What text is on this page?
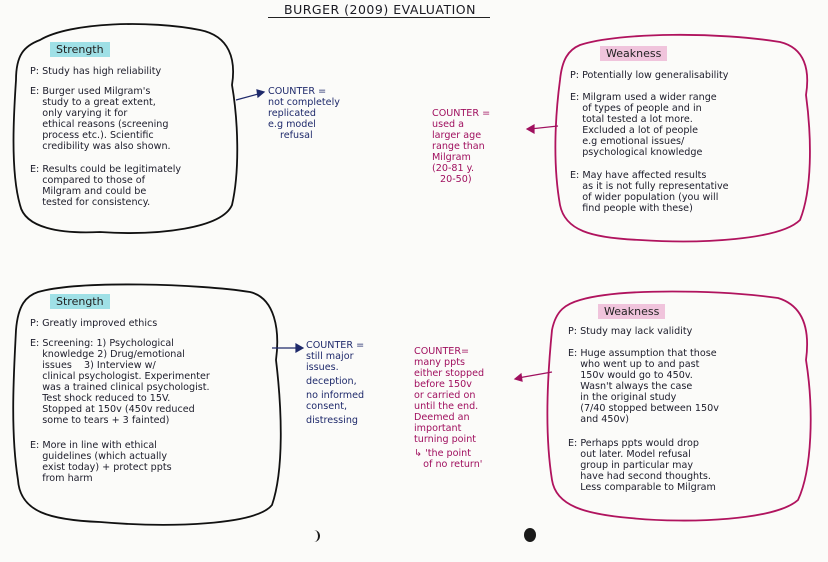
BURGER (2009) EVALUATION
Strength
P: Study has high reliability
E: Burger used Milgram's
study to a great extent,
only varying it for
ethical reasons (screening
process etc.). Scientific
credibility was also shown.
E: Results could be legitimately
compared to those of
Milgram and could be
tested for consistency.
COUNTER =
not completely
replicated
e.g model
refusal
COUNTER =
used a
larger age
range than
Milgram
(20-81 y.
20-50)
Weakness
P: Potentially low generalisability
E: Milgram used a wider range
of types of people and in
total tested a lot more.
Excluded a lot of people
e.g emotional issues/
psychological knowledge
E: May have affected results
as it is not fully representative
of wider population (you will
find people with these)
Strength
P: Greatly improved ethics
E: Screening: 1) Psychological
knowledge 2) Drug/emotional
issues    3) Interview w/
clinical psychologist. Experimenter
was a trained clinical psychologist.
Test shock reduced to 15V.
Stopped at 150v (450v reduced
some to tears + 3 fainted)
E: More in line with ethical
guidelines (which actually
exist today) + protect ppts
from harm
COUNTER =
still major
issues.
deception,
no informed
consent,
distressing
COUNTER=
many ppts
either stopped
before 150v
or carried on
until the end.
Deemed an
important
turning point
↳ 'the point
of no return'
Weakness
P: Study may lack validity
E: Huge assumption that those
who went up to and past
150v would go to 450v.
Wasn't always the case
in the original study
(7/40 stopped between 150v
and 450v)
E: Perhaps ppts would drop
out later. Model refusal
group in particular may
have had second thoughts.
Less comparable to Milgram
